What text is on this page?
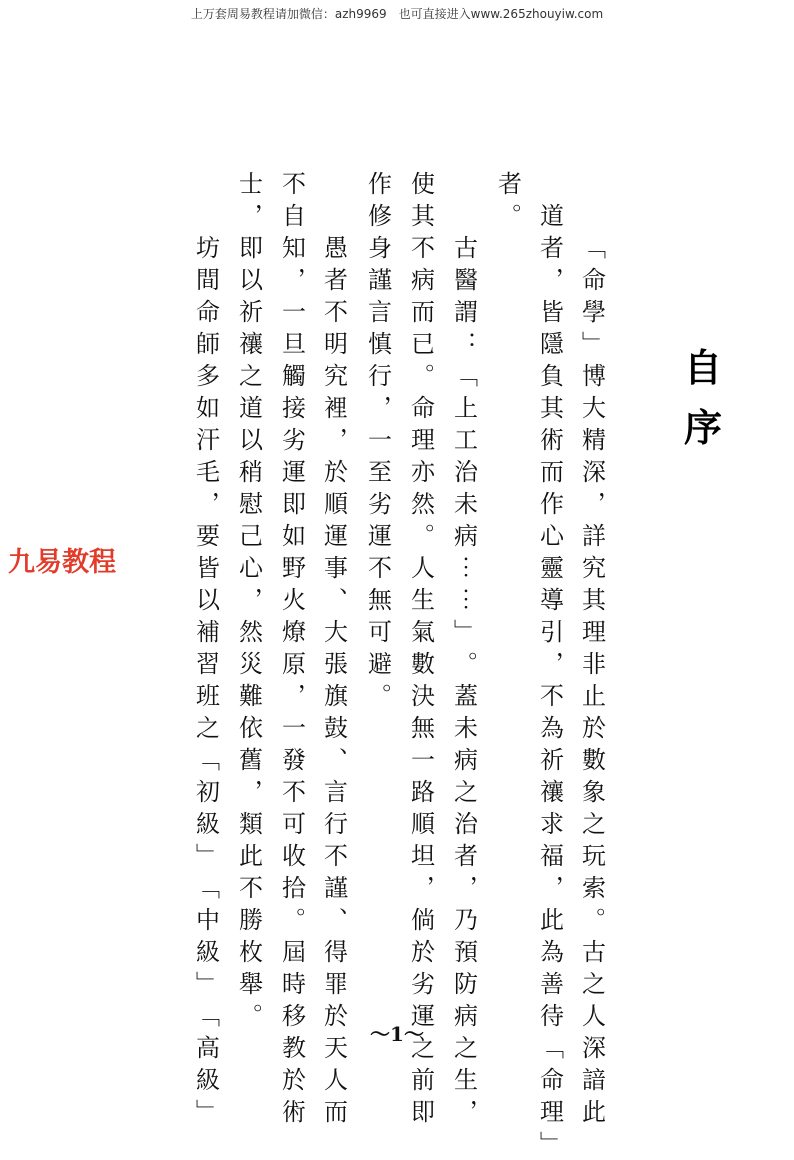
上万套周易教程请加微信：azh9969　也可直接进入www.265zhouyiw.com
自
序
﹁
命
學
﹂
博
大
精
深
︐
詳
究
其
理
非
止
於
數
象
之
玩
索
︒
古
之
人
深
諳
此
道
者
︐
皆
隱
負
其
術
而
作
心
靈
導
引
︐
不
為
祈
禳
求
福
︐
此
為
善
待
﹁
命
理
﹂
者
︒
古
醫
謂
︓
﹁
上
工
治
未
病
︙
︙
﹂
︒
蓋
未
病
之
治
者
︐
乃
預
防
病
之
生
︐
使
其
不
病
而
已
︒
命
理
亦
然
︒
人
生
氣
數
決
無
一
路
順
坦
︐
倘
於
劣
運
之
前
即
作
修
身
謹
言
慎
行
︐
一
至
劣
運
不
無
可
避
︒
愚
者
不
明
究
裡
︐
於
順
運
事
︑
大
張
旗
鼓
︑
言
行
不
謹
︑
得
罪
於
天
人
而
不
自
知
︐
一
旦
觸
接
劣
運
即
如
野
火
燎
原
︐
一
發
不
可
收
拾
︒
屆
時
移
教
於
術
士
︐
即
以
祈
禳
之
道
以
稍
慰
己
心
︐
然
災
難
依
舊
︐
類
此
不
勝
枚
舉
︒
坊
間
命
師
多
如
汗
毛
︐
要
皆
以
補
習
班
之
﹁
初
級
﹂
﹁
中
級
﹂
﹁
高
級
﹂
九易教程
～1～
